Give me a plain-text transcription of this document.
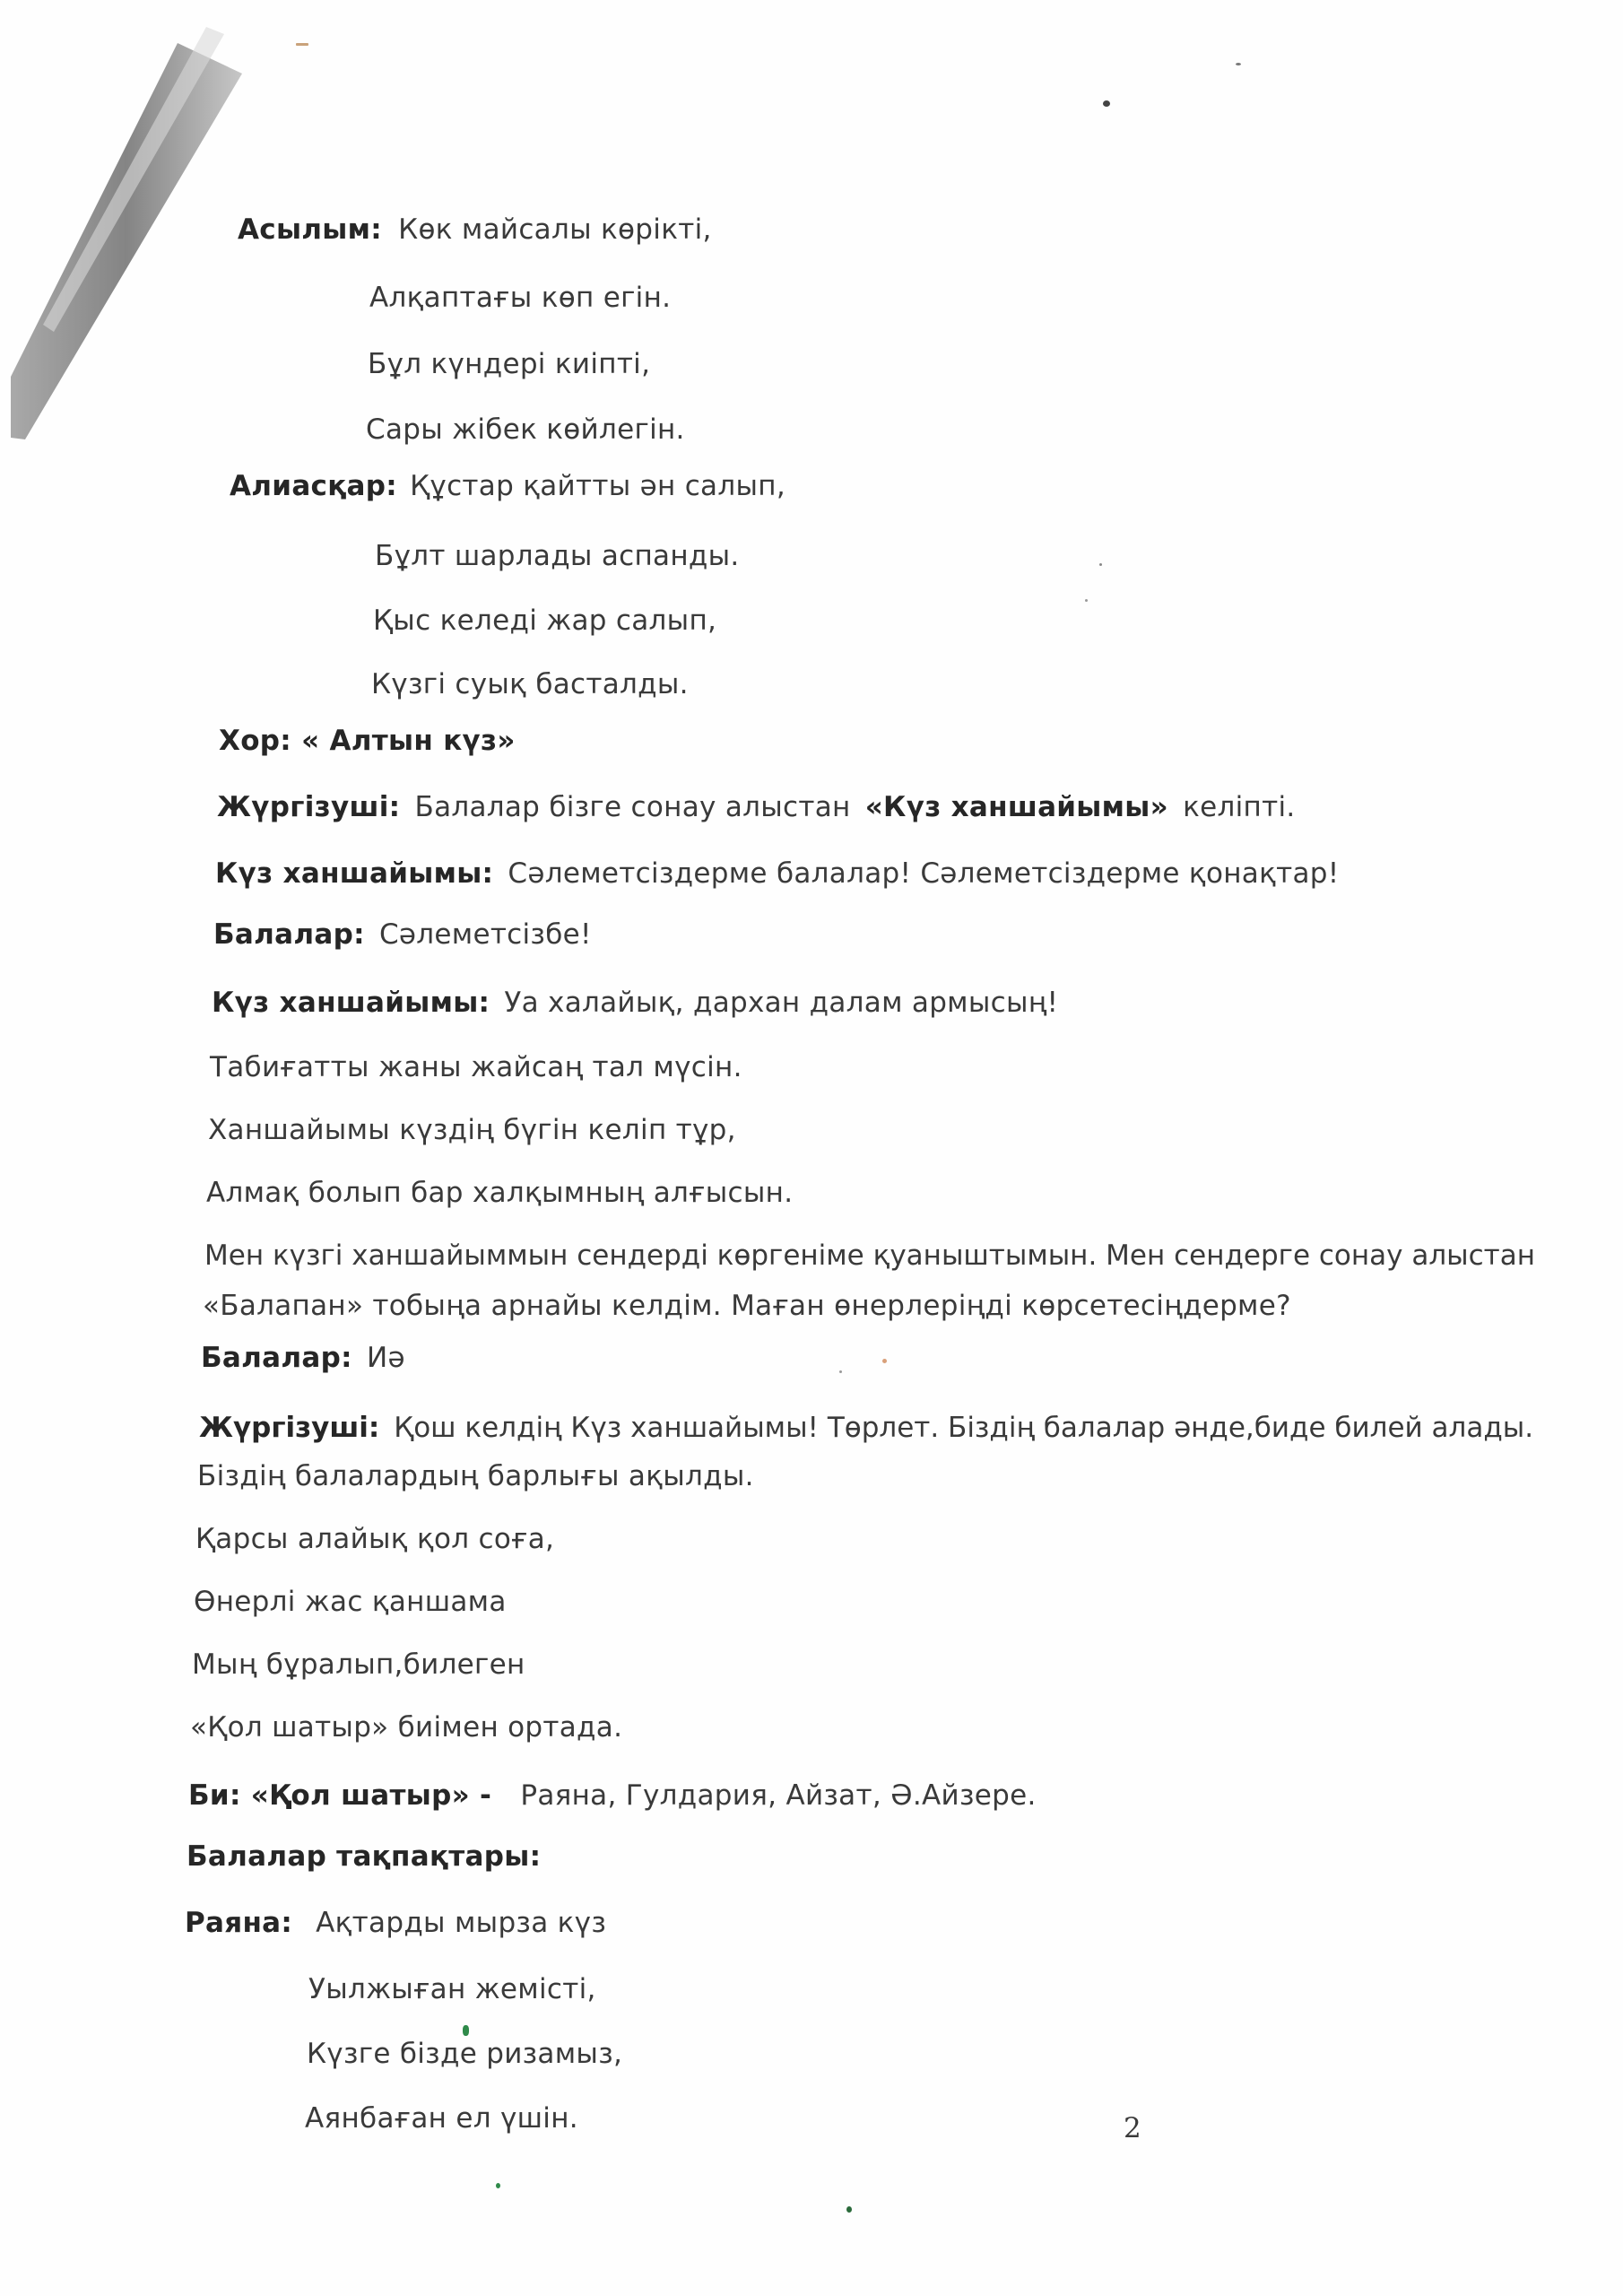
Асылым: Көк майсалы көрікті,
Алқаптағы көп егін.
Бұл күндері киіпті,
Сары жібек көйлегін.
Алиасқар: Құстар қайтты ән салып,
Бұлт шарлады аспанды.
Қыс келеді жар салып,
Күзгі суық басталды.
Хор: « Алтын күз»
Жүргізуші: Балалар бізге сонау алыстан «Күз ханшайымы» келіпті.
Күз ханшайымы: Сәлеметсіздерме балалар! Сәлеметсіздерме қонақтар!
Балалар: Сәлеметсізбе!
Күз ханшайымы: Уа халайық, дархан далам армысың!
Табиғатты жаны жайсаң тал мүсін.
Ханшайымы күздің бүгін келіп тұр,
Алмақ болып бар халқымның алғысын.
Мен күзгі ханшайыммын сендерді көргеніме қуаныштымын. Мен сендерге сонау алыстан
«Балапан» тобыңа арнайы келдім. Маған өнерлеріңді көрсетесіңдерме?
Балалар: Иә
Жүргізуші: Қош келдің Күз ханшайымы! Төрлет. Біздің балалар әнде,биде билей алады.
Біздің балалардың барлығы ақылды.
Қарсы алайық қол соға,
Өнерлі жас қаншама
Мың бұралып,билеген
«Қол шатыр» биімен ортада.
Би: «Қол шатыр» - Раяна, Гулдария, Айзат, Ә.Айзере.
Балалар тақпақтары:
Раяна: Ақтарды мырза күз
Уылжыған жемісті,
Күзге бізде ризамыз,
Аянбаған ел үшін.	2
